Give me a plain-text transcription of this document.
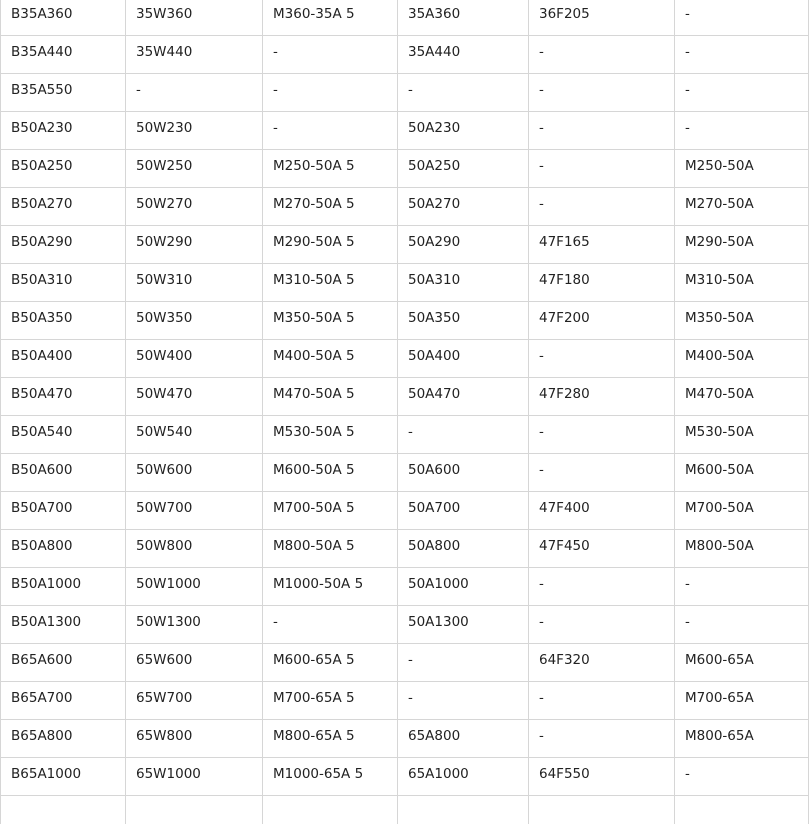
B35A360	35W360	M360-35A 5	35A360	36F205	-
B35A440	35W440	-	35A440	-	-
B35A550	-	-	-	-	-
B50A230	50W230	-	50A230	-	-
B50A250	50W250	M250-50A 5	50A250	-	M250-50A
B50A270	50W270	M270-50A 5	50A270	-	M270-50A
B50A290	50W290	M290-50A 5	50A290	47F165	M290-50A
B50A310	50W310	M310-50A 5	50A310	47F180	M310-50A
B50A350	50W350	M350-50A 5	50A350	47F200	M350-50A
B50A400	50W400	M400-50A 5	50A400	-	M400-50A
B50A470	50W470	M470-50A 5	50A470	47F280	M470-50A
B50A540	50W540	M530-50A 5	-	-	M530-50A
B50A600	50W600	M600-50A 5	50A600	-	M600-50A
B50A700	50W700	M700-50A 5	50A700	47F400	M700-50A
B50A800	50W800	M800-50A 5	50A800	47F450	M800-50A
B50A1000	50W1000	M1000-50A 5	50A1000	-	-
B50A1300	50W1300	-	50A1300	-	-
B65A600	65W600	M600-65A 5	-	64F320	M600-65A
B65A700	65W700	M700-65A 5	-	-	M700-65A
B65A800	65W800	M800-65A 5	65A800	-	M800-65A
B65A1000	65W1000	M1000-65A 5	65A1000	64F550	-
